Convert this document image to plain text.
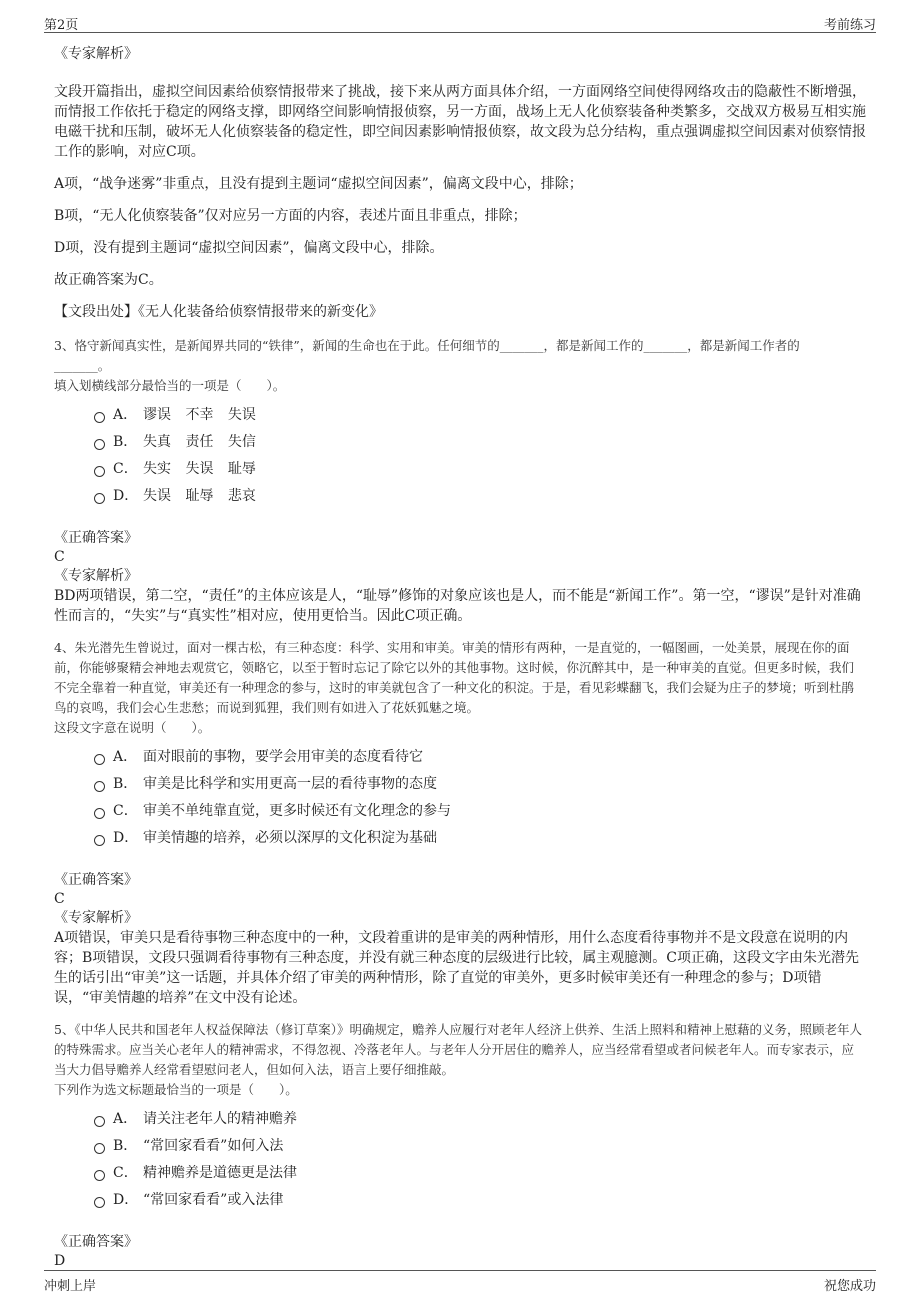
第2页	考前练习

《专家解析》

文段开篇指出，虚拟空间因素给侦察情报带来了挑战，接下来从两方面具体介绍，一方面网络空间使得网络攻击的隐蔽性不断增强，而情报工作依托于稳定的网络支撑，即网络空间影响情报侦察，另一方面，战场上无人化侦察装备种类繁多，交战双方极易互相实施电磁干扰和压制，破坏无人化侦察装备的稳定性，即空间因素影响情报侦察，故文段为总分结构，重点强调虚拟空间因素对侦察情报工作的影响，对应C项。

A项，“战争迷雾”非重点，且没有提到主题词“虚拟空间因素”，偏离文段中心，排除；

B项，“无人化侦察装备”仅对应另一方面的内容，表述片面且非重点，排除；

D项，没有提到主题词“虚拟空间因素”，偏离文段中心，排除。

故正确答案为C。

【文段出处】《无人化装备给侦察情报带来的新变化》

3、恪守新闻真实性，是新闻界共同的“铁律”，新闻的生命也在于此。任何细节的_______，都是新闻工作的_______，都是新闻工作者的
_______。

填入划横线部分最恰当的一项是（　　）。

A． 谬误 不幸 失误
B． 失真 责任 失信
C． 失实 失误 耻辱
D． 失误 耻辱 悲哀

《正确答案》

C

《专家解析》

BD两项错误，第二空，“责任”的主体应该是人，“耻辱”修饰的对象应该也是人，而不能是“新闻工作”。第一空，“谬误”是针对准确性而言的，“失实”与“真实性”相对应，使用更恰当。因此C项正确。

4、朱光潜先生曾说过，面对一棵古松，有三种态度：科学、实用和审美。审美的情形有两种，一是直觉的，一幅图画，一处美景，展现在你的面前，你能够聚精会神地去观赏它，领略它，以至于暂时忘记了除它以外的其他事物。这时候，你沉醉其中，是一种审美的直觉。但更多时候，我们不完全靠着一种直觉，审美还有一种理念的参与，这时的审美就包含了一种文化的积淀。于是，看见彩蝶翻飞，我们会疑为庄子的梦境；听到杜鹃鸟的哀鸣，我们会心生悲愁；而说到狐狸，我们则有如进入了花妖狐魅之境。

这段文字意在说明（　　）。

A． 面对眼前的事物，要学会用审美的态度看待它
B． 审美是比科学和实用更高一层的看待事物的态度
C． 审美不单纯靠直觉，更多时候还有文化理念的参与
D． 审美情趣的培养，必须以深厚的文化积淀为基础

《正确答案》

C

《专家解析》

A项错误，审美只是看待事物三种态度中的一种，文段着重讲的是审美的两种情形，用什么态度看待事物并不是文段意在说明的内容；B项错误，文段只强调看待事物有三种态度，并没有就三种态度的层级进行比较，属主观臆测。C项正确，这段文字由朱光潜先生的话引出“审美”这一话题，并具体介绍了审美的两种情形，除了直觉的审美外，更多时候审美还有一种理念的参与；D项错误，“审美情趣的培养”在文中没有论述。

5、《中华人民共和国老年人权益保障法（修订草案）》明确规定，赡养人应履行对老年人经济上供养、生活上照料和精神上慰藉的义务，照顾老年人的特殊需求。应当关心老年人的精神需求，不得忽视、冷落老年人。与老年人分开居住的赡养人，应当经常看望或者问候老年人。而专家表示，应当大力倡导赡养人经常看望慰问老人，但如何入法，语言上要仔细推敲。

下列作为选文标题最恰当的一项是（　　）。

A． 请关注老年人的精神赡养
B． “常回家看看”如何入法
C． 精神赡养是道德更是法律
D． “常回家看看”或入法律

《正确答案》

D

冲刺上岸	祝您成功
